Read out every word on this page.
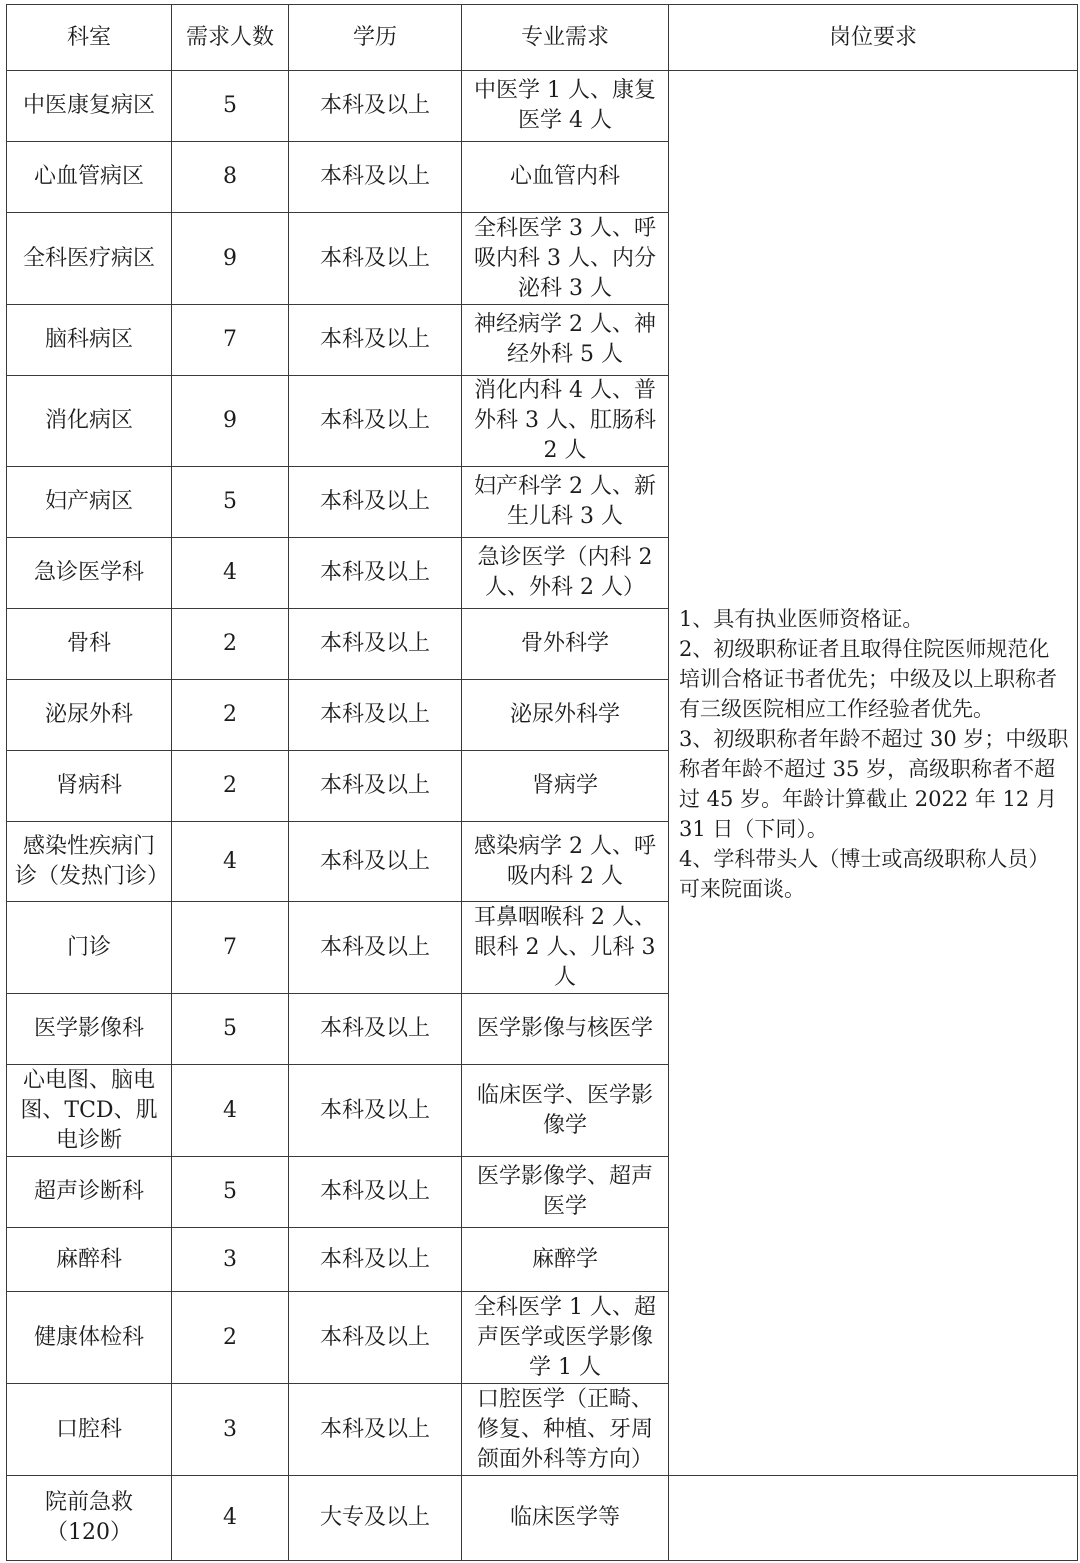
科室	需求人数	学历	专业需求	岗位要求
中医康复病区	5	本科及以上	中医学 1 人、康复医学 4 人	1、具有执业医师资格证。
2、初级职称证者且取得住院医师规范化培训合格证书者优先；中级及以上职称者有三级医院相应工作经验者优先。
3、初级职称者年龄不超过 30 岁；中级职称者年龄不超过 35 岁，高级职称者不超过 45 岁。年龄计算截止 2022 年 12 月 31 日（下同）。
4、学科带头人（博士或高级职称人员）可来院面谈。

心血管病区	8	本科及以上	心血管内科	
全科医疗病区	9	本科及以上	全科医学 3 人、呼吸内科 3 人、内分泌科 3 人	
脑科病区	7	本科及以上	神经病学 2 人、神经外科 5 人	
消化病区	9	本科及以上	消化内科 4 人、普外科 3 人、肛肠科 2 人	
妇产病区	5	本科及以上	妇产科学 2 人、新生儿科 3 人	
急诊医学科	4	本科及以上	急诊医学（内科 2 人、外科 2 人）	
骨科	2	本科及以上	骨外科学	
泌尿外科	2	本科及以上	泌尿外科学	
肾病科	2	本科及以上	肾病学	
感染性疾病门诊（发热门诊）	4	本科及以上	感染病学 2 人、呼吸内科 2 人	
门诊	7	本科及以上	耳鼻咽喉科 2 人、眼科 2 人、儿科 3 人	
医学影像科	5	本科及以上	医学影像与核医学	
心电图、脑电图、TCD、肌电诊断	4	本科及以上	临床医学、医学影像学	
超声诊断科	5	本科及以上	医学影像学、超声医学	
麻醉科	3	本科及以上	麻醉学	
健康体检科	2	本科及以上	全科医学 1 人、超声医学或医学影像学 1 人	
口腔科	3	本科及以上	口腔医学（正畸、修复、种植、牙周颌面外科等方向）	
院前急救（120）	4	大专及以上	临床医学等	
